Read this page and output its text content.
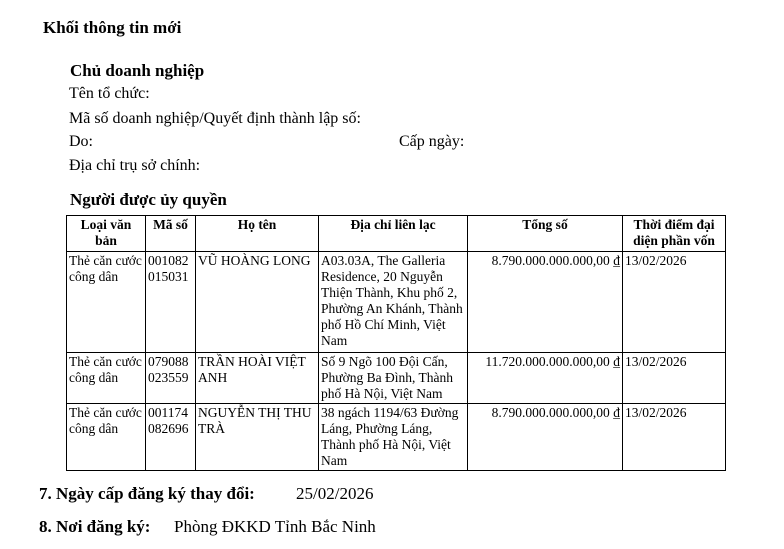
Khối thông tin mới
Chủ doanh nghiệp
Tên tổ chức:
Mã số doanh nghiệp/Quyết định thành lập số:
Do:	Cấp ngày:
Địa chỉ trụ sở chính:
Người được ủy quyền
Loại văn bản	Mã số	Họ tên	Địa chỉ liên lạc	Tổng số	Thời điểm đại diện phần vốn
Thẻ căn cước công dân	001082015031	VŨ HOÀNG LONG	A03.03A, The Galleria Residence, 20 Nguyễn Thiện Thành, Khu phố 2, Phường An Khánh, Thành phố Hồ Chí Minh, Việt Nam	8.790.000.000.000,00 ₫	13/02/2026
Thẻ căn cước công dân	079088023559	TRẦN HOÀI VIỆT ANH	Số 9 Ngõ 100 Đội Cấn, Phường Ba Đình, Thành phố Hà Nội, Việt Nam	11.720.000.000.000,00 ₫	13/02/2026
Thẻ căn cước công dân	001174082696	NGUYỄN THỊ THU TRÀ	38 ngách 1194/63 Đường Láng, Phường Láng, Thành phố Hà Nội, Việt Nam	8.790.000.000.000,00 ₫	13/02/2026
7. Ngày cấp đăng ký thay đổi: 25/02/2026
8. Nơi đăng ký: Phòng ĐKKD Tỉnh Bắc Ninh
